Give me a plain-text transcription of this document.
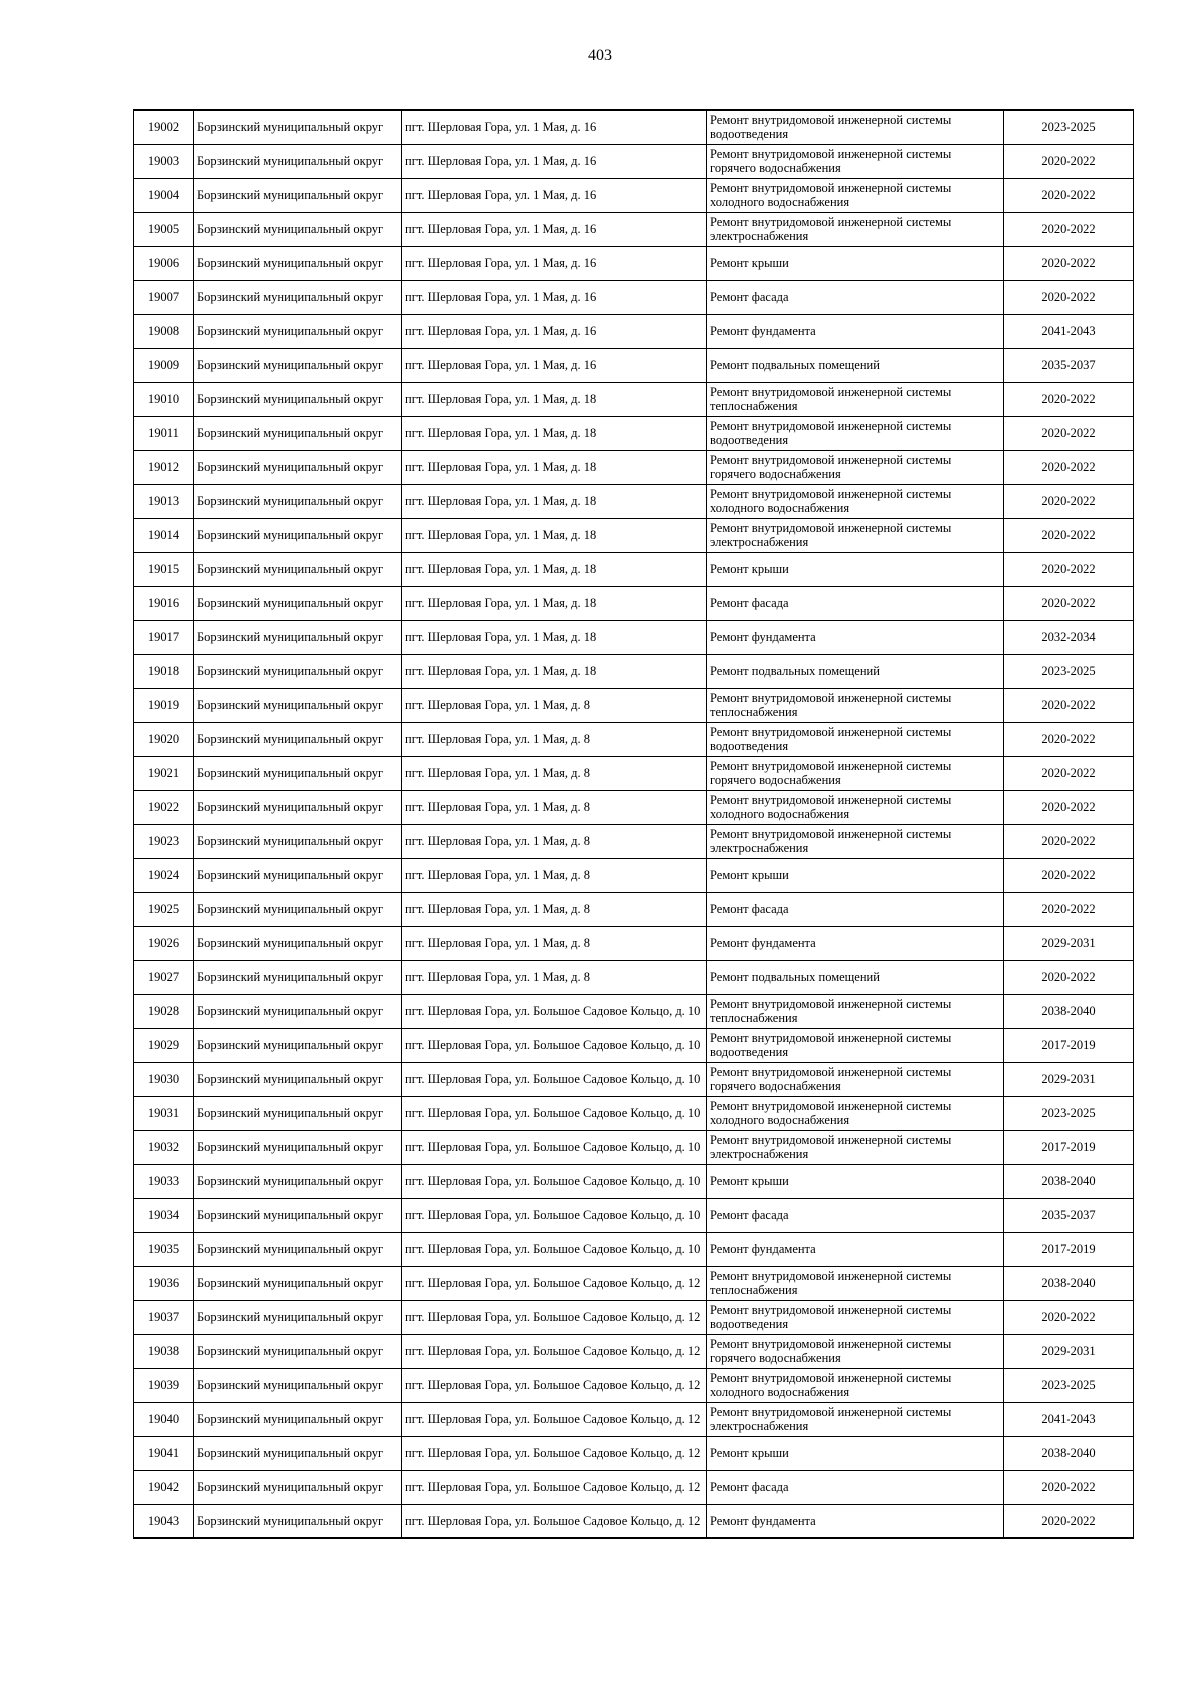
403
19002	Борзинский муниципальный округ	пгт. Шерловая Гора, ул. 1 Мая, д. 16	Ремонт внутридомовой инженерной системы водоотведения	2023-2025
19003	Борзинский муниципальный округ	пгт. Шерловая Гора, ул. 1 Мая, д. 16	Ремонт внутридомовой инженерной системы горячего водоснабжения	2020-2022
19004	Борзинский муниципальный округ	пгт. Шерловая Гора, ул. 1 Мая, д. 16	Ремонт внутридомовой инженерной системы холодного водоснабжения	2020-2022
19005	Борзинский муниципальный округ	пгт. Шерловая Гора, ул. 1 Мая, д. 16	Ремонт внутридомовой инженерной системы электроснабжения	2020-2022
19006	Борзинский муниципальный округ	пгт. Шерловая Гора, ул. 1 Мая, д. 16	Ремонт крыши	2020-2022
19007	Борзинский муниципальный округ	пгт. Шерловая Гора, ул. 1 Мая, д. 16	Ремонт фасада	2020-2022
19008	Борзинский муниципальный округ	пгт. Шерловая Гора, ул. 1 Мая, д. 16	Ремонт фундамента	2041-2043
19009	Борзинский муниципальный округ	пгт. Шерловая Гора, ул. 1 Мая, д. 16	Ремонт подвальных помещений	2035-2037
19010	Борзинский муниципальный округ	пгт. Шерловая Гора, ул. 1 Мая, д. 18	Ремонт внутридомовой инженерной системы теплоснабжения	2020-2022
19011	Борзинский муниципальный округ	пгт. Шерловая Гора, ул. 1 Мая, д. 18	Ремонт внутридомовой инженерной системы водоотведения	2020-2022
19012	Борзинский муниципальный округ	пгт. Шерловая Гора, ул. 1 Мая, д. 18	Ремонт внутридомовой инженерной системы горячего водоснабжения	2020-2022
19013	Борзинский муниципальный округ	пгт. Шерловая Гора, ул. 1 Мая, д. 18	Ремонт внутридомовой инженерной системы холодного водоснабжения	2020-2022
19014	Борзинский муниципальный округ	пгт. Шерловая Гора, ул. 1 Мая, д. 18	Ремонт внутридомовой инженерной системы электроснабжения	2020-2022
19015	Борзинский муниципальный округ	пгт. Шерловая Гора, ул. 1 Мая, д. 18	Ремонт крыши	2020-2022
19016	Борзинский муниципальный округ	пгт. Шерловая Гора, ул. 1 Мая, д. 18	Ремонт фасада	2020-2022
19017	Борзинский муниципальный округ	пгт. Шерловая Гора, ул. 1 Мая, д. 18	Ремонт фундамента	2032-2034
19018	Борзинский муниципальный округ	пгт. Шерловая Гора, ул. 1 Мая, д. 18	Ремонт подвальных помещений	2023-2025
19019	Борзинский муниципальный округ	пгт. Шерловая Гора, ул. 1 Мая, д. 8	Ремонт внутридомовой инженерной системы теплоснабжения	2020-2022
19020	Борзинский муниципальный округ	пгт. Шерловая Гора, ул. 1 Мая, д. 8	Ремонт внутридомовой инженерной системы водоотведения	2020-2022
19021	Борзинский муниципальный округ	пгт. Шерловая Гора, ул. 1 Мая, д. 8	Ремонт внутридомовой инженерной системы горячего водоснабжения	2020-2022
19022	Борзинский муниципальный округ	пгт. Шерловая Гора, ул. 1 Мая, д. 8	Ремонт внутридомовой инженерной системы холодного водоснабжения	2020-2022
19023	Борзинский муниципальный округ	пгт. Шерловая Гора, ул. 1 Мая, д. 8	Ремонт внутридомовой инженерной системы электроснабжения	2020-2022
19024	Борзинский муниципальный округ	пгт. Шерловая Гора, ул. 1 Мая, д. 8	Ремонт крыши	2020-2022
19025	Борзинский муниципальный округ	пгт. Шерловая Гора, ул. 1 Мая, д. 8	Ремонт фасада	2020-2022
19026	Борзинский муниципальный округ	пгт. Шерловая Гора, ул. 1 Мая, д. 8	Ремонт фундамента	2029-2031
19027	Борзинский муниципальный округ	пгт. Шерловая Гора, ул. 1 Мая, д. 8	Ремонт подвальных помещений	2020-2022
19028	Борзинский муниципальный округ	пгт. Шерловая Гора, ул. Большое Садовое Кольцо, д. 10	Ремонт внутридомовой инженерной системы теплоснабжения	2038-2040
19029	Борзинский муниципальный округ	пгт. Шерловая Гора, ул. Большое Садовое Кольцо, д. 10	Ремонт внутридомовой инженерной системы водоотведения	2017-2019
19030	Борзинский муниципальный округ	пгт. Шерловая Гора, ул. Большое Садовое Кольцо, д. 10	Ремонт внутридомовой инженерной системы горячего водоснабжения	2029-2031
19031	Борзинский муниципальный округ	пгт. Шерловая Гора, ул. Большое Садовое Кольцо, д. 10	Ремонт внутридомовой инженерной системы холодного водоснабжения	2023-2025
19032	Борзинский муниципальный округ	пгт. Шерловая Гора, ул. Большое Садовое Кольцо, д. 10	Ремонт внутридомовой инженерной системы электроснабжения	2017-2019
19033	Борзинский муниципальный округ	пгт. Шерловая Гора, ул. Большое Садовое Кольцо, д. 10	Ремонт крыши	2038-2040
19034	Борзинский муниципальный округ	пгт. Шерловая Гора, ул. Большое Садовое Кольцо, д. 10	Ремонт фасада	2035-2037
19035	Борзинский муниципальный округ	пгт. Шерловая Гора, ул. Большое Садовое Кольцо, д. 10	Ремонт фундамента	2017-2019
19036	Борзинский муниципальный округ	пгт. Шерловая Гора, ул. Большое Садовое Кольцо, д. 12	Ремонт внутридомовой инженерной системы теплоснабжения	2038-2040
19037	Борзинский муниципальный округ	пгт. Шерловая Гора, ул. Большое Садовое Кольцо, д. 12	Ремонт внутридомовой инженерной системы водоотведения	2020-2022
19038	Борзинский муниципальный округ	пгт. Шерловая Гора, ул. Большое Садовое Кольцо, д. 12	Ремонт внутридомовой инженерной системы горячего водоснабжения	2029-2031
19039	Борзинский муниципальный округ	пгт. Шерловая Гора, ул. Большое Садовое Кольцо, д. 12	Ремонт внутридомовой инженерной системы холодного водоснабжения	2023-2025
19040	Борзинский муниципальный округ	пгт. Шерловая Гора, ул. Большое Садовое Кольцо, д. 12	Ремонт внутридомовой инженерной системы электроснабжения	2041-2043
19041	Борзинский муниципальный округ	пгт. Шерловая Гора, ул. Большое Садовое Кольцо, д. 12	Ремонт крыши	2038-2040
19042	Борзинский муниципальный округ	пгт. Шерловая Гора, ул. Большое Садовое Кольцо, д. 12	Ремонт фасада	2020-2022
19043	Борзинский муниципальный округ	пгт. Шерловая Гора, ул. Большое Садовое Кольцо, д. 12	Ремонт фундамента	2020-2022
